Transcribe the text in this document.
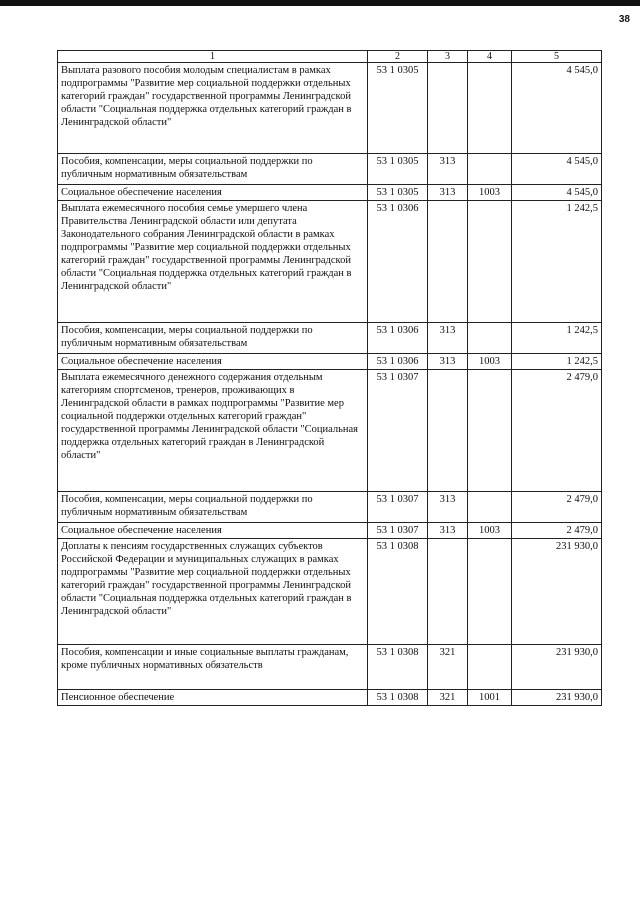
38
1	2	3	4	5
Выплата разового пособия молодым специалистам в рамках подпрограммы "Развитие мер социальной поддержки отдельных категорий граждан" государственной программы Ленинградской области "Социальная поддержка отдельных категорий граждан в Ленинградской области"	53 1 0305			4 545,0
Пособия, компенсации, меры социальной поддержки по публичным нормативным обязательствам	53 1 0305	313		4 545,0
Социальное обеспечение населения	53 1 0305	313	1003	4 545,0
Выплата ежемесячного пособия семье умершего члена Правительства Ленинградской области или депутата Законодательного собрания Ленинградской области в рамках подпрограммы "Развитие мер социальной поддержки отдельных категорий граждан" государственной программы Ленинградской области "Социальная поддержка отдельных категорий граждан в Ленинградской области"	53 1 0306			1 242,5
Пособия, компенсации, меры социальной поддержки по публичным нормативным обязательствам	53 1 0306	313		1 242,5
Социальное обеспечение населения	53 1 0306	313	1003	1 242,5
Выплата ежемесячного денежного содержания отдельным категориям спортсменов, тренеров, проживающих в Ленинградской области в рамках подпрограммы "Развитие мер социальной поддержки отдельных категорий граждан" государственной программы Ленинградской области "Социальная поддержка отдельных категорий граждан в Ленинградской области"	53 1 0307			2 479,0
Пособия, компенсации, меры социальной поддержки по публичным нормативным обязательствам	53 1 0307	313		2 479,0
Социальное обеспечение населения	53 1 0307	313	1003	2 479,0
Доплаты к пенсиям государственных служащих субъектов Российской Федерации и муниципальных служащих в рамках подпрограммы "Развитие мер социальной поддержки отдельных категорий граждан" государственной программы Ленинградской области "Социальная поддержка отдельных категорий граждан в Ленинградской области"	53 1 0308			231 930,0
Пособия, компенсации и иные социальные выплаты гражданам, кроме публичных нормативных обязательств	53 1 0308	321		231 930,0
Пенсионное обеспечение	53 1 0308	321	1001	231 930,0
